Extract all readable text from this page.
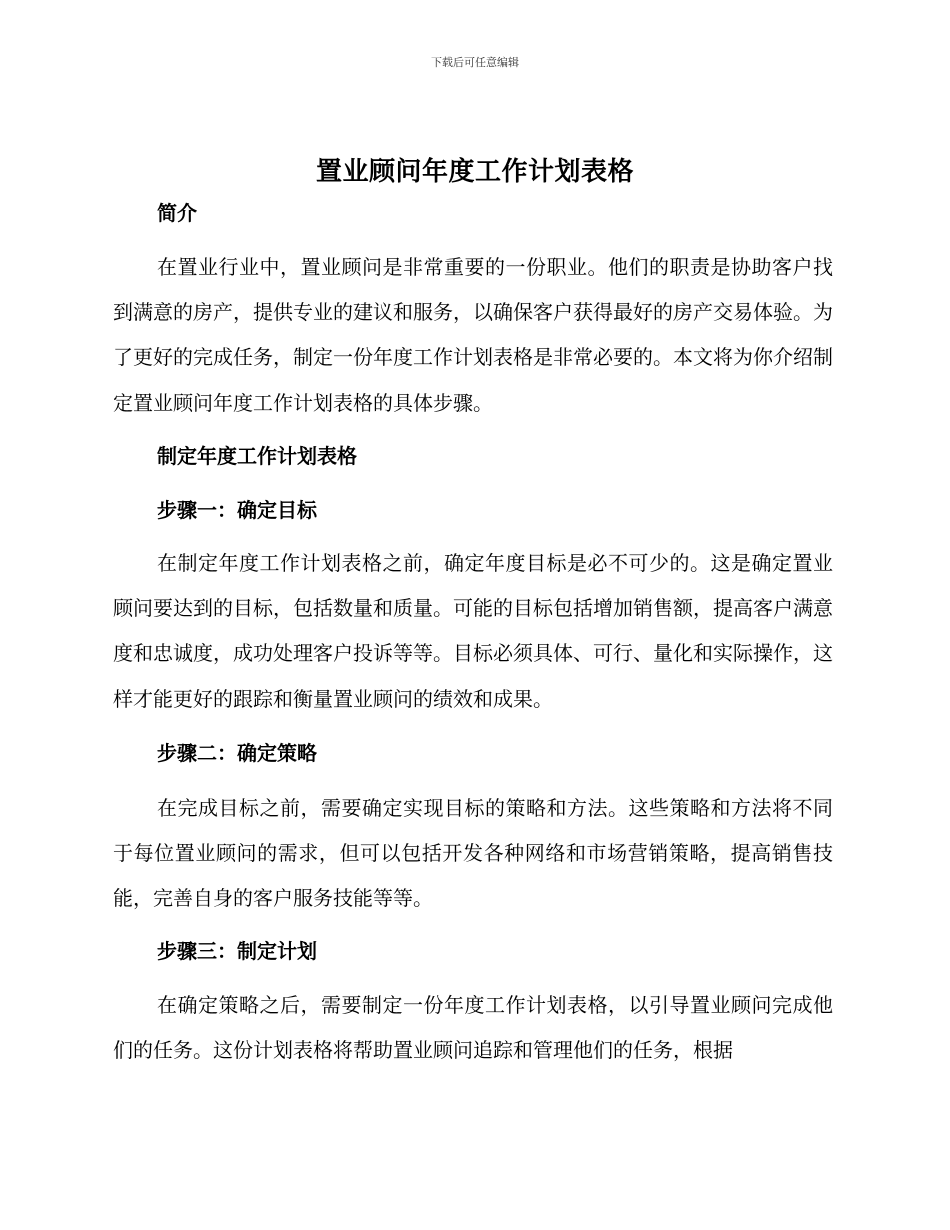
下载后可任意编辑
置业顾问年度工作计划表格
简介
在置业行业中，置业顾问是非常重要的一份职业。他们的职责是协助客户找到满意的房产，提供专业的建议和服务，以确保客户获得最好的房产交易体验。为了更好的完成任务，制定一份年度工作计划表格是非常必要的。本文将为你介绍制定置业顾问年度工作计划表格的具体步骤。
制定年度工作计划表格
步骤一：确定目标
在制定年度工作计划表格之前，确定年度目标是必不可少的。这是确定置业顾问要达到的目标，包括数量和质量。可能的目标包括增加销售额，提高客户满意度和忠诚度，成功处理客户投诉等等。目标必须具体、可行、量化和实际操作，这样才能更好的跟踪和衡量置业顾问的绩效和成果。
步骤二：确定策略
在完成目标之前，需要确定实现目标的策略和方法。这些策略和方法将不同于每位置业顾问的需求，但可以包括开发各种网络和市场营销策略，提高销售技能，完善自身的客户服务技能等等。
步骤三：制定计划
在确定策略之后，需要制定一份年度工作计划表格，以引导置业顾问完成他们的任务。这份计划表格将帮助置业顾问追踪和管理他们的任务，根据
